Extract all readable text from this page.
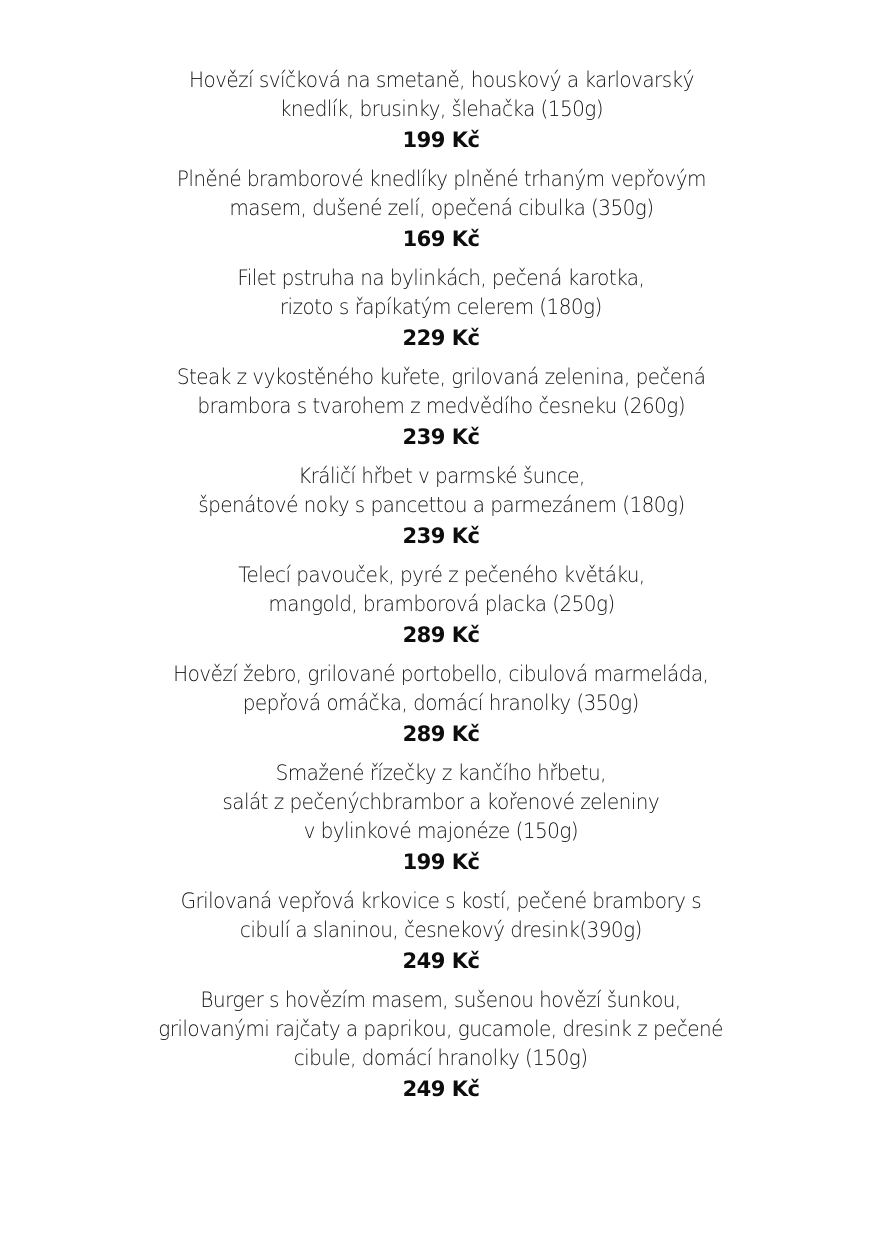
Hovězí svíčková na smetaně, houskový a karlovarský
knedlík, brusinky, šlehačka (150g)
199 Kč
Plněné bramborové knedlíky plněné trhaným vepřovým
masem, dušené zelí, opečená cibulka (350g)
169 Kč
Filet pstruha na bylinkách, pečená karotka,
rizoto s řapíkatým celerem (180g)
229 Kč
Steak z vykostěného kuřete, grilovaná zelenina, pečená
brambora s tvarohem z medvědího česneku (260g)
239 Kč
Králičí hřbet v parmské šunce,
špenátové noky s pancettou a parmezánem (180g)
239 Kč
Telecí pavouček, pyré z pečeného květáku,
mangold, bramborová placka (250g)
289 Kč
Hovězí žebro, grilované portobello, cibulová marmeláda,
pepřová omáčka, domácí hranolky (350g)
289 Kč
Smažené řízečky z kančího hřbetu,
salát z pečenýchbrambor a kořenové zeleniny
v bylinkové majonéze (150g)
199 Kč
Grilovaná vepřová krkovice s kostí, pečené brambory s
cibulí a slaninou, česnekový dresink(390g)
249 Kč
Burger s hovězím masem, sušenou hovězí šunkou,
grilovanými rajčaty a paprikou, gucamole, dresink z pečené
cibule, domácí hranolky (150g)
249 Kč
